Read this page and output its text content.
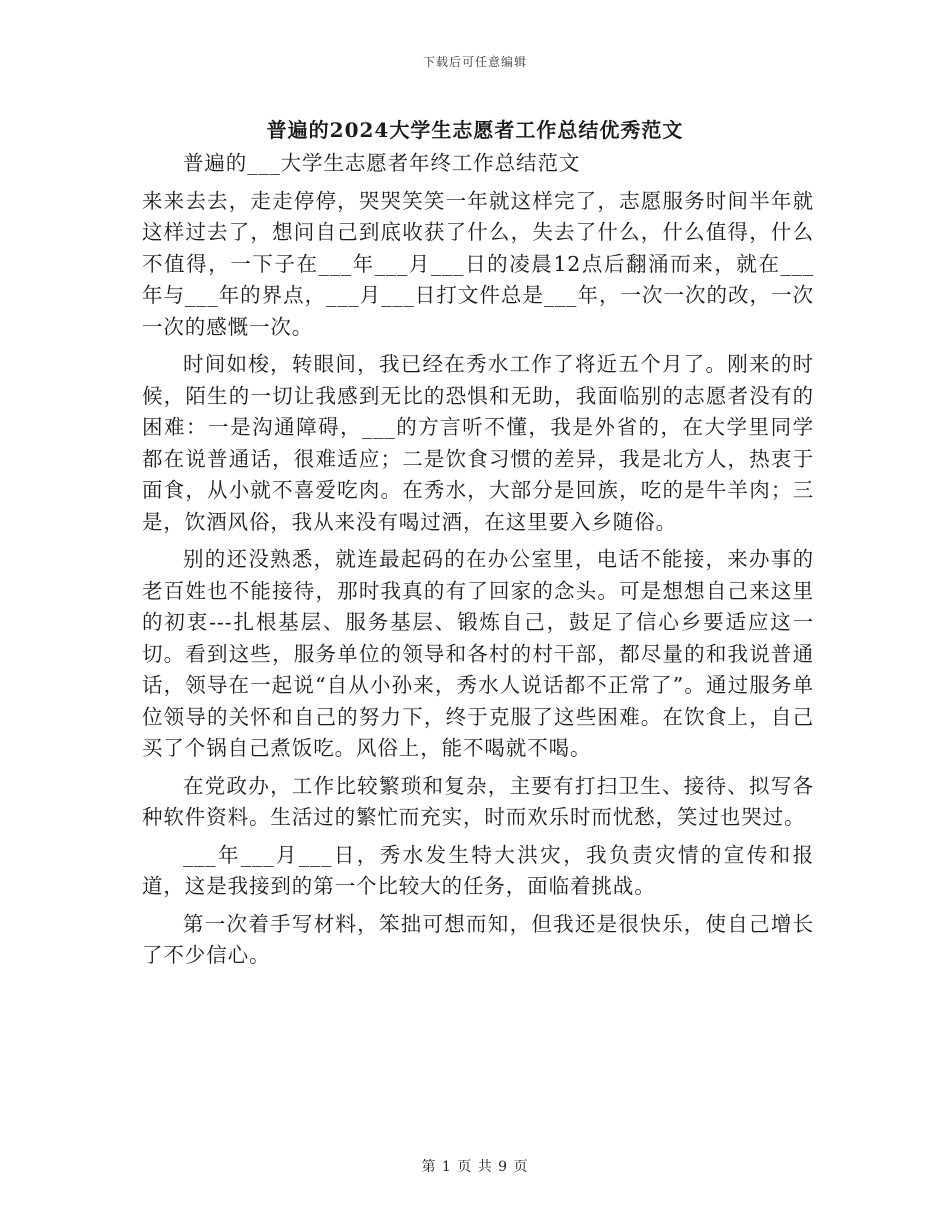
下载后可任意编辑
普遍的2024大学生志愿者工作总结优秀范文

普遍的___大学生志愿者年终工作总结范文

来来去去，走走停停，哭哭笑笑一年就这样完了，志愿服务时间半年就这样过去了，想问自己到底收获了什么，失去了什么，什么值得，什么不值得，一下子在___年___月___日的凌晨12点后翻涌而来，就在___年与___年的界点，___月___日打文件总是___年，一次一次的改，一次一次的感慨一次。

时间如梭，转眼间，我已经在秀水工作了将近五个月了。刚来的时候，陌生的一切让我感到无比的恐惧和无助，我面临别的志愿者没有的困难：一是沟通障碍，___的方言听不懂，我是外省的，在大学里同学都在说普通话，很难适应；二是饮食习惯的差异，我是北方人，热衷于面食，从小就不喜爱吃肉。在秀水，大部分是回族，吃的是牛羊肉；三是，饮酒风俗，我从来没有喝过酒，在这里要入乡随俗。

别的还没熟悉，就连最起码的在办公室里，电话不能接，来办事的老百姓也不能接待，那时我真的有了回家的念头。可是想想自己来这里的初衷---扎根基层、服务基层、锻炼自己，鼓足了信心乡要适应这一切。看到这些，服务单位的领导和各村的村干部，都尽量的和我说普通话，领导在一起说“自从小孙来，秀水人说话都不正常了”。通过服务单位领导的关怀和自己的努力下，终于克服了这些困难。在饮食上，自己买了个锅自己煮饭吃。风俗上，能不喝就不喝。

在党政办，工作比较繁琐和复杂，主要有打扫卫生、接待、拟写各种软件资料。生活过的繁忙而充实，时而欢乐时而忧愁，笑过也哭过。

___年___月___日，秀水发生特大洪灾，我负责灾情的宣传和报道，这是我接到的第一个比较大的任务，面临着挑战。

第一次着手写材料，笨拙可想而知，但我还是很快乐，使自己增长了不少信心。

第 1 页 共 9 页
